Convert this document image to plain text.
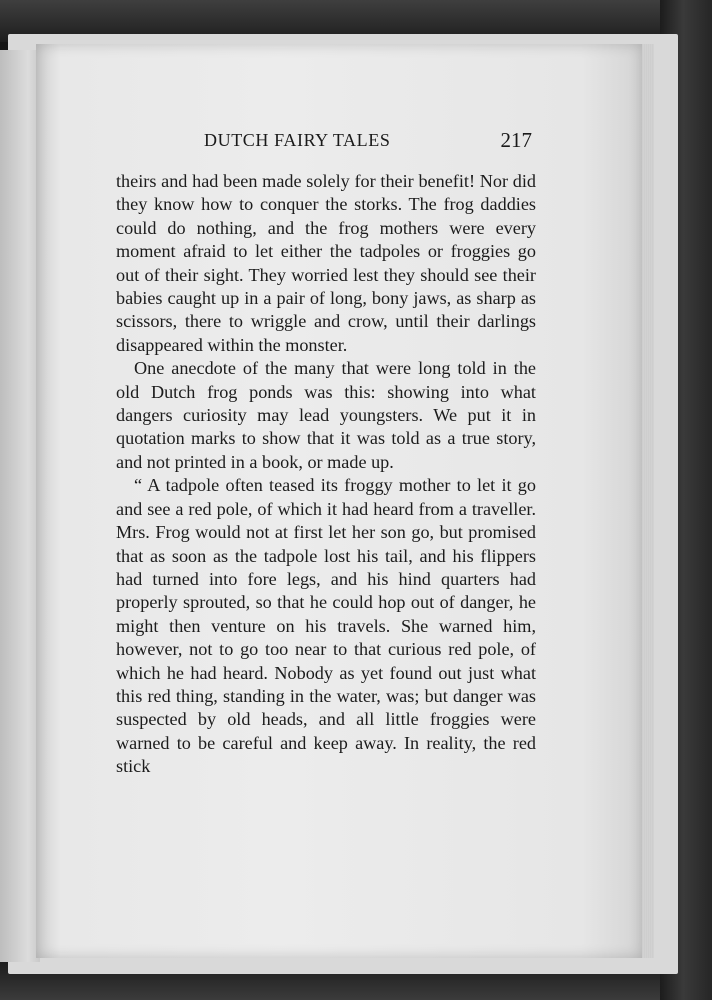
DUTCH FAIRY TALES	217

theirs and had been made solely for their benefit! Nor did they know how to conquer the storks. The frog daddies could do nothing, and the frog mothers were every moment afraid to let either the tadpoles or froggies go out of their sight. They worried lest they should see their babies caught up in a pair of long, bony jaws, as sharp as scissors, there to wriggle and crow, until their darlings disappeared within the monster.

One anecdote of the many that were long told in the old Dutch frog ponds was this: showing into what dangers curiosity may lead youngsters. We put it in quotation marks to show that it was told as a true story, and not printed in a book, or made up.

“ A tadpole often teased its froggy mother to let it go and see a red pole, of which it had heard from a traveller. Mrs. Frog would not at first let her son go, but promised that as soon as the tadpole lost his tail, and his flippers had turned into fore legs, and his hind quarters had properly sprouted, so that he could hop out of danger, he might then venture on his travels. She warned him, however, not to go too near to that curious red pole, of which he had heard. Nobody as yet found out just what this red thing, standing in the water, was; but danger was suspected by old heads, and all little froggies were warned to be careful and keep away. In reality, the red stick
